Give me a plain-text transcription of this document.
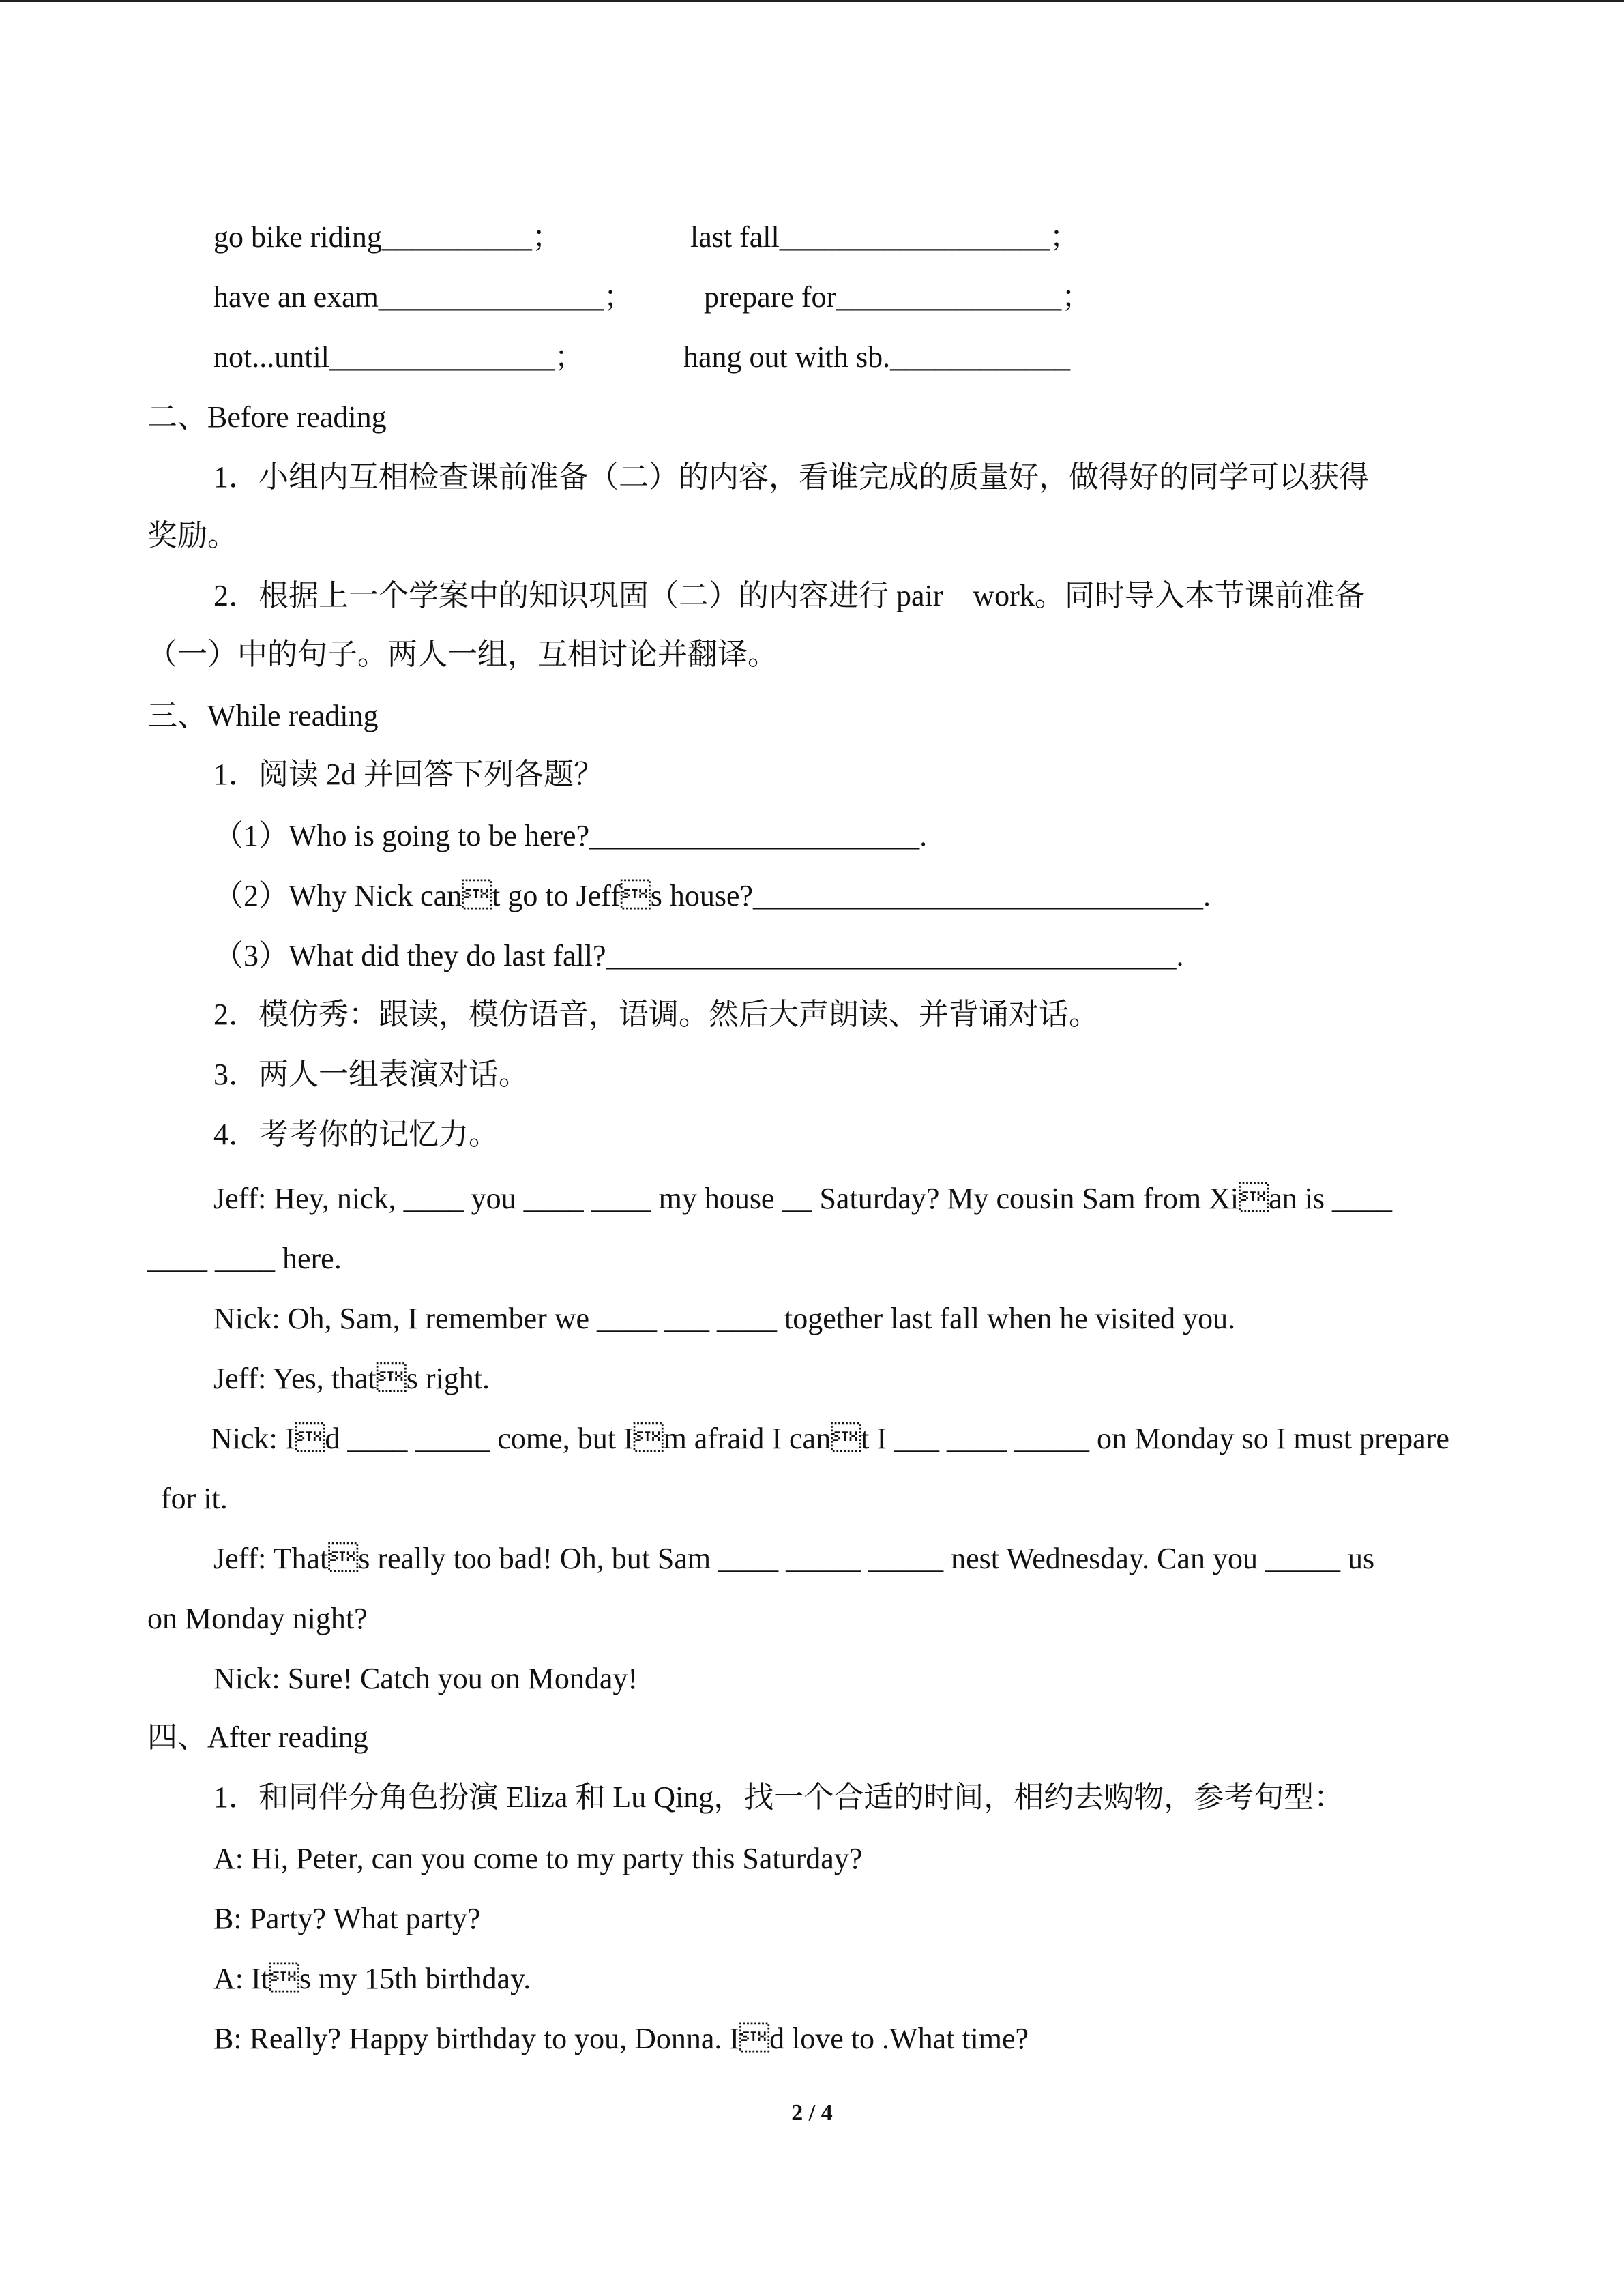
go bike riding__________；	last fall__________________；
have an exam_______________； prepare for_______________；
not...until_______________；	hang out with sb.____________
二、Before reading
1．小组内互相检查课前准备（二）的内容，看谁完成的质量好，做得好的同学可以获得
奖励。
2．根据上一个学案中的知识巩固（二）的内容进行 pair    work。同时导入本节课前准备
（一）中的句子。两人一组，互相讨论并翻译。
三、While reading
1．阅读 2d 并回答下列各题？
（1）Who is going to be here?______________________.
（2）Why Nick cant go to Jeffs house?______________________________.
（3）What did they do last fall?______________________________________.
2．模仿秀：跟读，模仿语音，语调。然后大声朗读、并背诵对话。
3．两人一组表演对话。
4．考考你的记忆力。
Jeff: Hey, nick, ____ you ____ ____ my house __ Saturday? My cousin Sam from Xian is ____
____ ____ here.
Nick: Oh, Sam, I remember we ____ ___ ____ together last fall when he visited you.
Jeff: Yes, thats right.
Nick: Id ____ _____ come, but Im afraid I cant I ___ ____ _____ on Monday so I must prepare
for it.
Jeff: Thats really too bad! Oh, but Sam ____ _____ _____ nest Wednesday. Can you _____ us
on Monday night?
Nick: Sure! Catch you on Monday!
四、After reading
1．和同伴分角色扮演 Eliza 和 Lu Qing，找一个合适的时间，相约去购物，参考句型：
A: Hi, Peter, can you come to my party this Saturday?
B: Party? What party?
A: Its my 15th birthday.
B: Really? Happy birthday to you, Donna. Id love to .What time?
2 / 4
